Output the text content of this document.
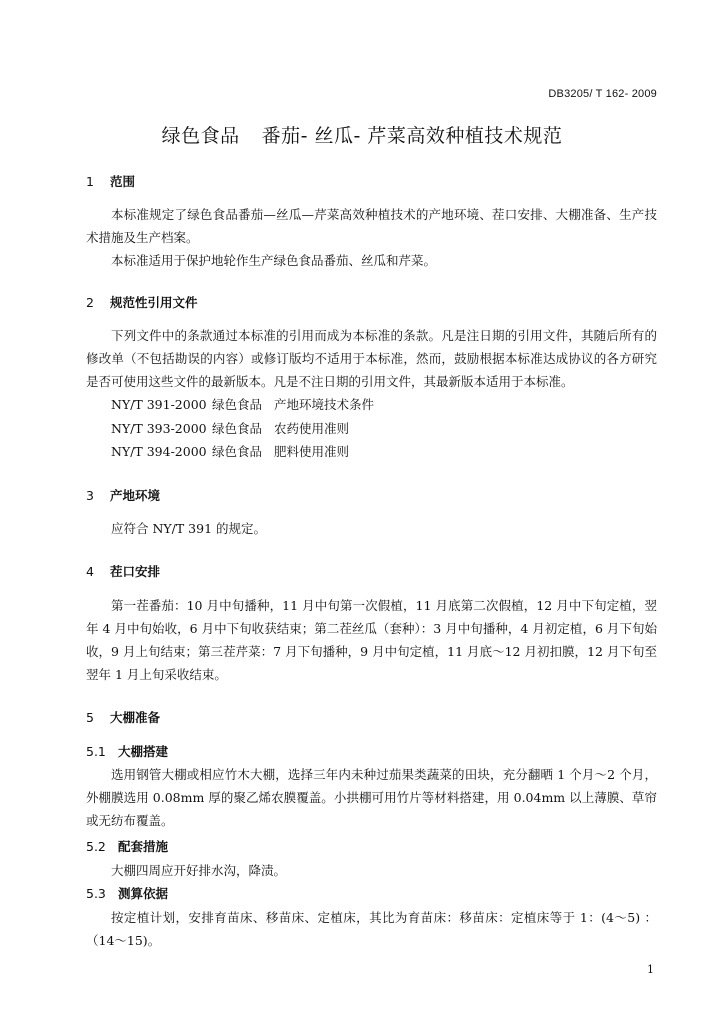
DB3205/ T 162- 2009
绿色食品 番茄- 丝瓜- 芹菜高效种植技术规范
1 范围

本标准规定了绿色食品番茄—丝瓜—芹菜高效种植技术的产地环境、茬口安排、大棚准备、生产技术措施及生产档案。

本标准适用于保护地轮作生产绿色食品番茄、丝瓜和芹菜。

2 规范性引用文件

下列文件中的条款通过本标准的引用而成为本标准的条款。凡是注日期的引用文件，其随后所有的修改单（不包括勘误的内容）或修订版均不适用于本标准，然而，鼓励根据本标准达成协议的各方研究是否可使用这些文件的最新版本。凡是不注日期的引用文件，其最新版本适用于本标准。

NY/T 391-2000 绿色食品 产地环境技术条件
NY/T 393-2000 绿色食品 农药使用准则
NY/T 394-2000 绿色食品 肥料使用准则
3 产地环境

应符合 NY/T 391 的规定。

4 茬口安排

第一茬番茄：10 月中旬播种，11 月中旬第一次假植，11 月底第二次假植，12 月中下旬定植，翌年 4 月中旬始收，6 月中下旬收获结束；第二茬丝瓜（套种）：3 月中旬播种，4 月初定植，6 月下旬始收，9 月上旬结束；第三茬芹菜：7 月下旬播种，9 月中旬定植，11 月底～12 月初扣膜，12 月下旬至翌年 1 月上旬采收结束。

5 大棚准备
5.1 大棚搭建

选用钢管大棚或相应竹木大棚，选择三年内未种过茄果类蔬菜的田块，充分翻晒 1 个月～2 个月，外棚膜选用 0.08mm 厚的聚乙烯农膜覆盖。小拱棚可用竹片等材料搭建，用 0.04mm 以上薄膜、草帘或无纺布覆盖。

5.2 配套措施

大棚四周应开好排水沟，降渍。

5.3 测算依据

按定植计划，安排育苗床、移苗床、定植床，其比为育苗床：移苗床：定植床等于 1：(4～5) ：（14～15)。

1
